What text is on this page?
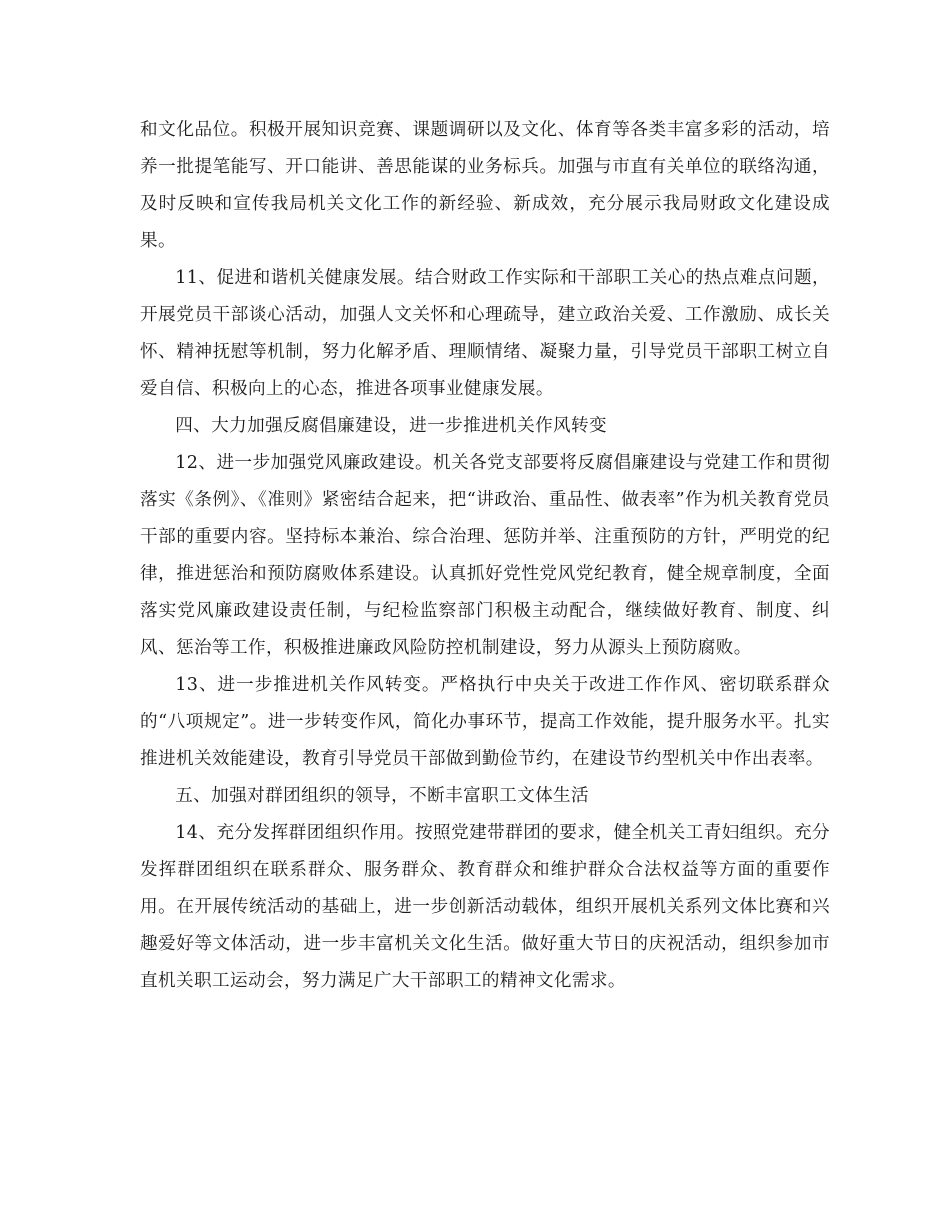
和文化品位。积极开展知识竞赛、课题调研以及文化、体育等各类丰富多彩的活动，培养一批提笔能写、开口能讲、善思能谋的业务标兵。加强与市直有关单位的联络沟通，及时反映和宣传我局机关文化工作的新经验、新成效，充分展示我局财政文化建设成果。

11、促进和谐机关健康发展。结合财政工作实际和干部职工关心的热点难点问题，开展党员干部谈心活动，加强人文关怀和心理疏导，建立政治关爱、工作激励、成长关怀、精神抚慰等机制，努力化解矛盾、理顺情绪、凝聚力量，引导党员干部职工树立自爱自信、积极向上的心态，推进各项事业健康发展。

四、大力加强反腐倡廉建设，进一步推进机关作风转变

12、进一步加强党风廉政建设。机关各党支部要将反腐倡廉建设与党建工作和贯彻落实《条例》、《准则》紧密结合起来，把“讲政治、重品性、做表率”作为机关教育党员干部的重要内容。坚持标本兼治、综合治理、惩防并举、注重预防的方针，严明党的纪律，推进惩治和预防腐败体系建设。认真抓好党性党风党纪教育，健全规章制度，全面落实党风廉政建设责任制，与纪检监察部门积极主动配合，继续做好教育、制度、纠风、惩治等工作，积极推进廉政风险防控机制建设，努力从源头上预防腐败。

13、进一步推进机关作风转变。严格执行中央关于改进工作作风、密切联系群众的“八项规定”。进一步转变作风，简化办事环节，提高工作效能，提升服务水平。扎实推进机关效能建设，教育引导党员干部做到勤俭节约，在建设节约型机关中作出表率。

五、加强对群团组织的领导，不断丰富职工文体生活

14、充分发挥群团组织作用。按照党建带群团的要求，健全机关工青妇组织。充分发挥群团组织在联系群众、服务群众、教育群众和维护群众合法权益等方面的重要作用。在开展传统活动的基础上，进一步创新活动载体，组织开展机关系列文体比赛和兴趣爱好等文体活动，进一步丰富机关文化生活。做好重大节日的庆祝活动，组织参加市直机关职工运动会，努力满足广大干部职工的精神文化需求。
